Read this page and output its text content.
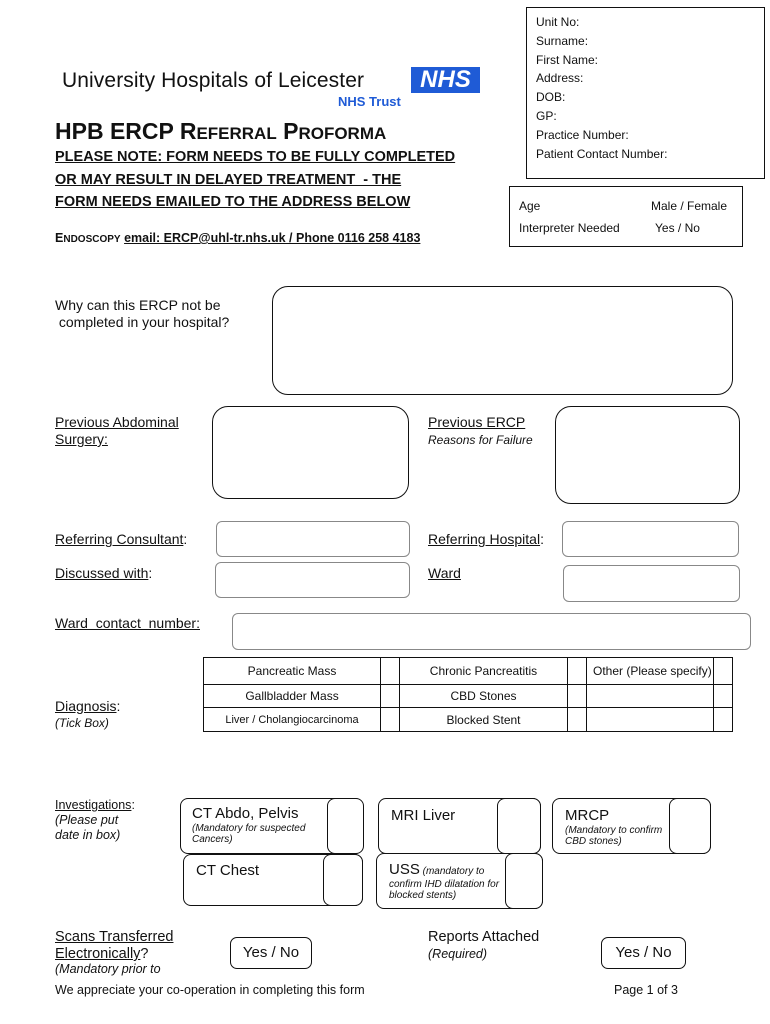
University Hospitals of Leicester	NHS
NHS Trust
HPB ERCP REFERRAL PROFORMA
PLEASE NOTE: FORM NEEDS TO BE FULLY COMPLETED
OR MAY RESULT IN DELAYED TREATMENT  - THE
FORM NEEDS EMAILED TO THE ADDRESS BELOW
ENDOSCOPY email: ERCP@uhl-tr.nhs.uk / Phone 0116 258 4183
Unit No:
Surname:
First Name:
Address:
DOB:
GP:
Practice Number:
Patient Contact Number:
Age	Male / Female
Interpreter Needed	Yes / No
Why can this ERCP not be
completed in your hospital?
Previous Abdominal
Surgery:
Previous ERCP
Reasons for Failure
Referring Consultant:	Referring Hospital:
Discussed with:	Ward
Ward  contact  number:
Diagnosis:
(Tick Box)
Pancreatic Mass		Chronic Pancreatitis		Other (Please specify)	
Gallbladder Mass		CBD Stones			
Liver / Cholangiocarcinoma		Blocked Stent			
Investigations:
(Please put
date in box)
CT Abdo, Pelvis
(Mandatory for suspected Cancers)
MRI Liver	MRCP
(Mandatory to confirm CBD stones)
CT Chest	USS (mandatory to
confirm IHD dilatation for blocked stents)
Scans Transferred
Electronically?
(Mandatory prior to
Yes / No
Reports Attached
(Required)	Yes / No
We appreciate your co-operation in completing this form	Page 1 of 3
